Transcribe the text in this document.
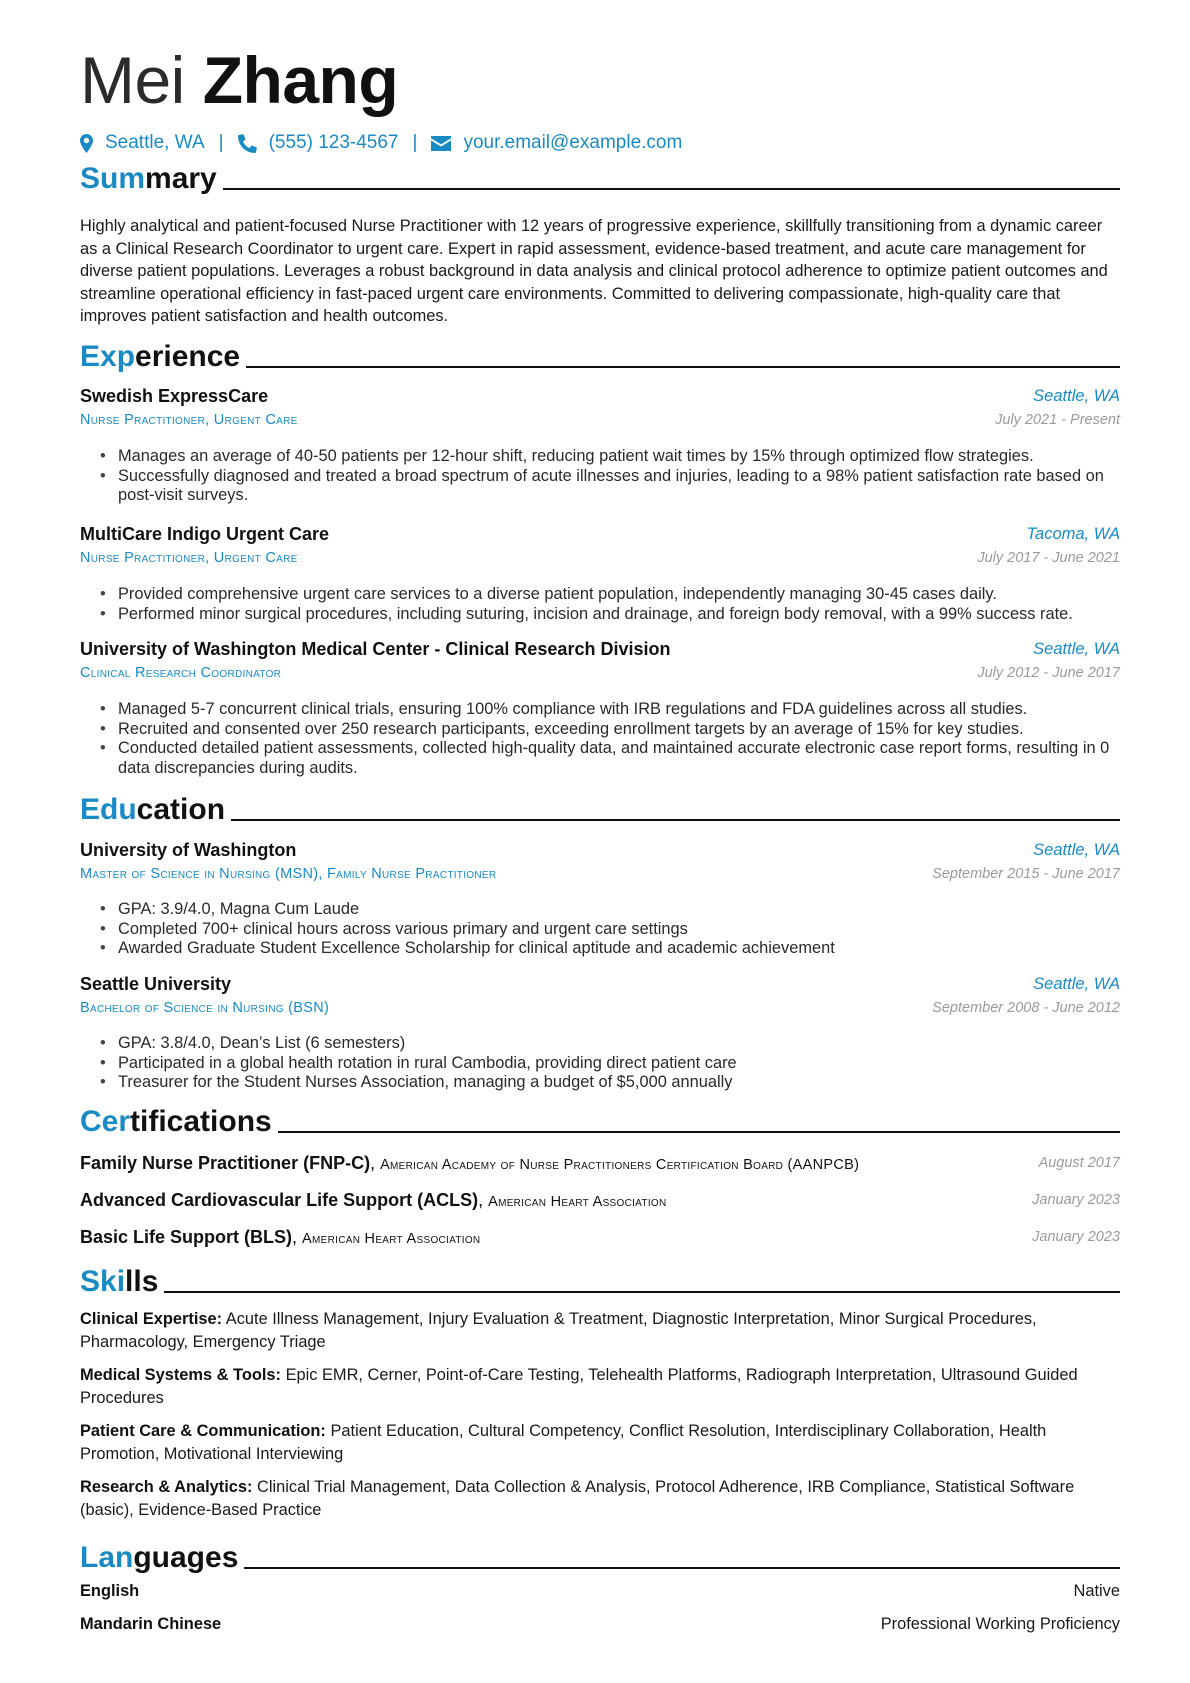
Mei Zhang
Seattle, WA | (555) 123-4567 | your.email@example.com
Summary
Highly analytical and patient-focused Nurse Practitioner with 12 years of progressive experience, skillfully transitioning from a dynamic career as a Clinical Research Coordinator to urgent care. Expert in rapid assessment, evidence-based treatment, and acute care management for diverse patient populations. Leverages a robust background in data analysis and clinical protocol adherence to optimize patient outcomes and streamline operational efficiency in fast-paced urgent care environments. Committed to delivering compassionate, high-quality care that improves patient satisfaction and health outcomes.
Experience
Swedish ExpressCare	Seattle, WA
Nurse Practitioner, Urgent Care	July 2021 - Present
• Manages an average of 40-50 patients per 12-hour shift, reducing patient wait times by 15% through optimized flow strategies.
• Successfully diagnosed and treated a broad spectrum of acute illnesses and injuries, leading to a 98% patient satisfaction rate based on post-visit surveys.
MultiCare Indigo Urgent Care	Tacoma, WA
Nurse Practitioner, Urgent Care	July 2017 - June 2021
• Provided comprehensive urgent care services to a diverse patient population, independently managing 30-45 cases daily.
• Performed minor surgical procedures, including suturing, incision and drainage, and foreign body removal, with a 99% success rate.
University of Washington Medical Center - Clinical Research Division	Seattle, WA
Clinical Research Coordinator	July 2012 - June 2017
• Managed 5-7 concurrent clinical trials, ensuring 100% compliance with IRB regulations and FDA guidelines across all studies.
• Recruited and consented over 250 research participants, exceeding enrollment targets by an average of 15% for key studies.
• Conducted detailed patient assessments, collected high-quality data, and maintained accurate electronic case report forms, resulting in 0 data discrepancies during audits.
Education
University of Washington	Seattle, WA
Master of Science in Nursing (MSN), Family Nurse Practitioner	September 2015 - June 2017
• GPA: 3.9/4.0, Magna Cum Laude
• Completed 700+ clinical hours across various primary and urgent care settings
• Awarded Graduate Student Excellence Scholarship for clinical aptitude and academic achievement
Seattle University	Seattle, WA
Bachelor of Science in Nursing (BSN)	September 2008 - June 2012
• GPA: 3.8/4.0, Dean’s List (6 semesters)
• Participated in a global health rotation in rural Cambodia, providing direct patient care
• Treasurer for the Student Nurses Association, managing a budget of $5,000 annually
Certifications
Family Nurse Practitioner (FNP-C), American Academy of Nurse Practitioners Certification Board (AANPCB)	August 2017
Advanced Cardiovascular Life Support (ACLS), American Heart Association	January 2023
Basic Life Support (BLS), American Heart Association	January 2023
Skills
Clinical Expertise: Acute Illness Management, Injury Evaluation & Treatment, Diagnostic Interpretation, Minor Surgical Procedures, Pharmacology, Emergency Triage
Medical Systems & Tools: Epic EMR, Cerner, Point-of-Care Testing, Telehealth Platforms, Radiograph Interpretation, Ultrasound Guided Procedures
Patient Care & Communication: Patient Education, Cultural Competency, Conflict Resolution, Interdisciplinary Collaboration, Health Promotion, Motivational Interviewing
Research & Analytics: Clinical Trial Management, Data Collection & Analysis, Protocol Adherence, IRB Compliance, Statistical Software (basic), Evidence-Based Practice
Languages
English	Native
Mandarin Chinese	Professional Working Proficiency
